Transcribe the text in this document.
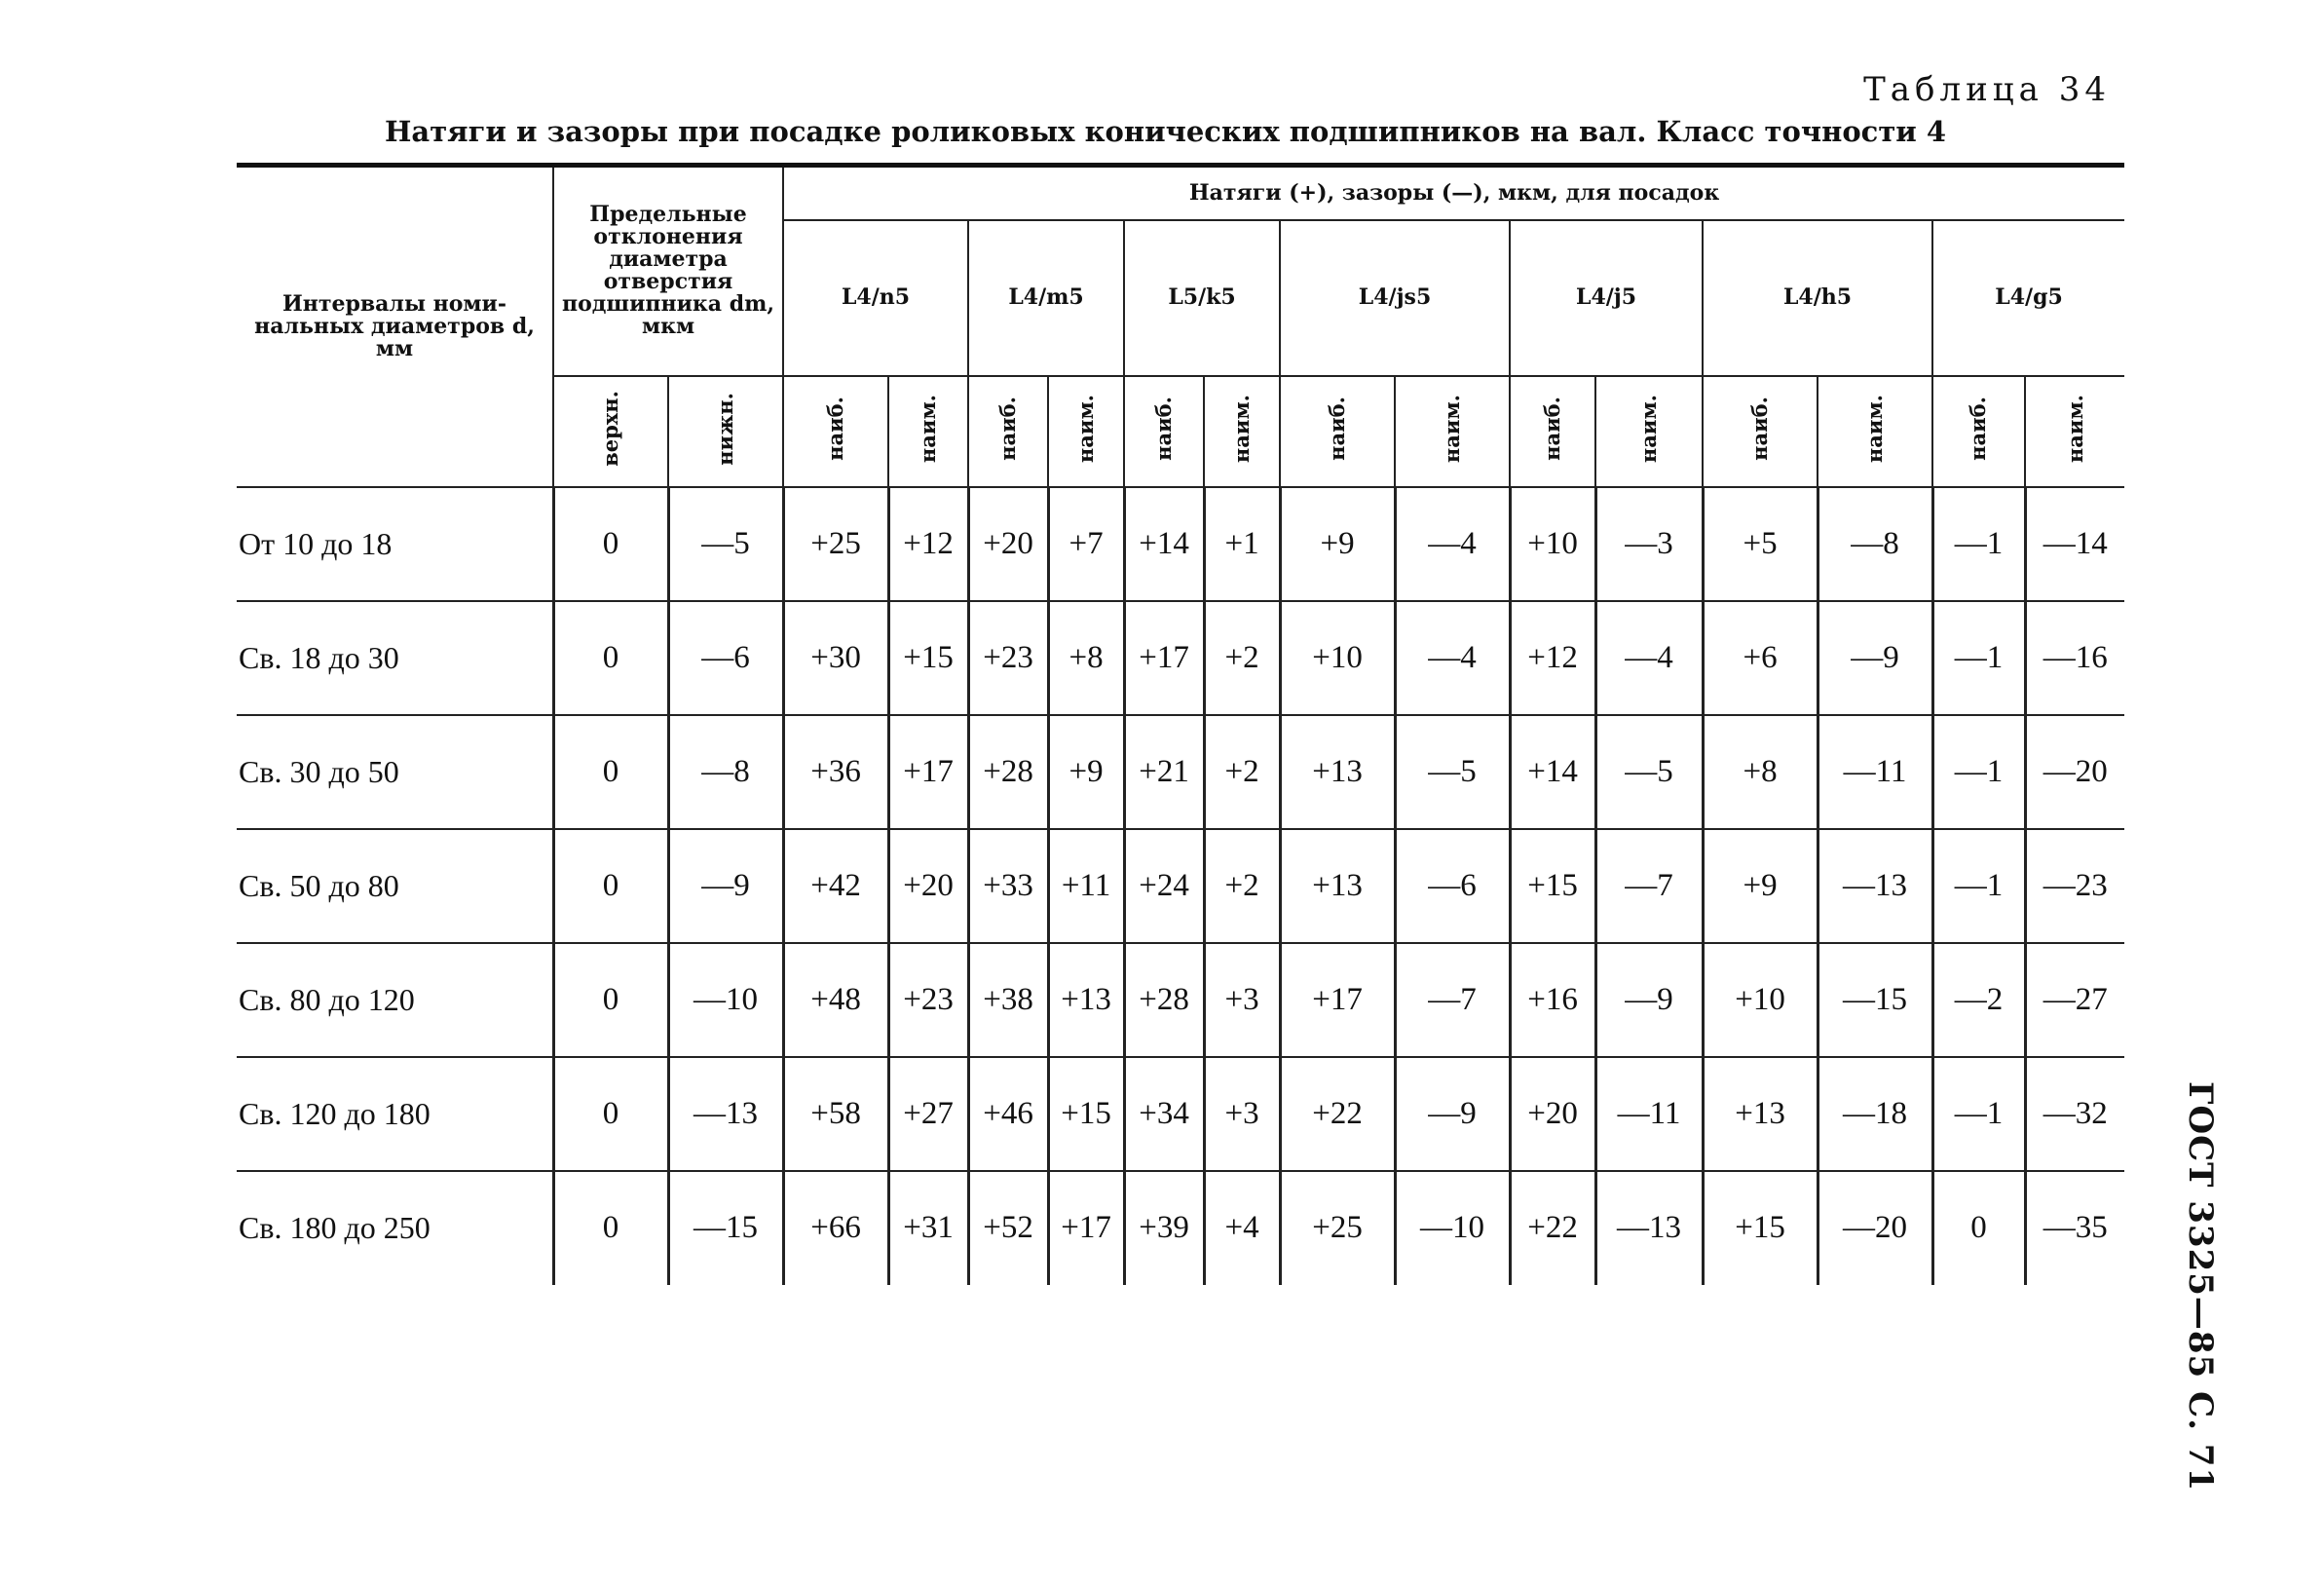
Таблица 34
Натяги и зазоры при посадке роликовых конических подшипников на вал. Класс точности 4
ГОСТ 3325—85 С. 71
Интервалы номинальных диаметров d, мм	Предельные отклонения диаметра отверстия подшипника dm, мкм		Натяги (+), зазоры (—), мкм, для посадок													
			L4/n5		L4/m5		L5/k5		L4/js5		L4/j5		L4/h5		L4/g5	
	верхн.	нижн.	наиб.	наим.	наиб.	наим.	наиб.	наим.	наиб.	наим.	наиб.	наим.	наиб.	наим.	наиб.	наим.
От 10 до 18	0	—5	+25	+12	+20	+7	+14	+1	+9	—4	+10	—3	+5	—8	—1	—14
Св. 18 до 30	0	—6	+30	+15	+23	+8	+17	+2	+10	—4	+12	—4	+6	—9	—1	—16
Св. 30 до 50	0	—8	+36	+17	+28	+9	+21	+2	+13	—5	+14	—5	+8	—11	—1	—20
Св. 50 до 80	0	—9	+42	+20	+33	+11	+24	+2	+13	—6	+15	—7	+9	—13	—1	—23
Св. 80 до 120	0	—10	+48	+23	+38	+13	+28	+3	+17	—7	+16	—9	+10	—15	—2	—27
Св. 120 до 180	0	—13	+58	+27	+46	+15	+34	+3	+22	—9	+20	—11	+13	—18	—1	—32
Св. 180 до 250	0	—15	+66	+31	+52	+17	+39	+4	+25	—10	+22	—13	+15	—20	0	—35
